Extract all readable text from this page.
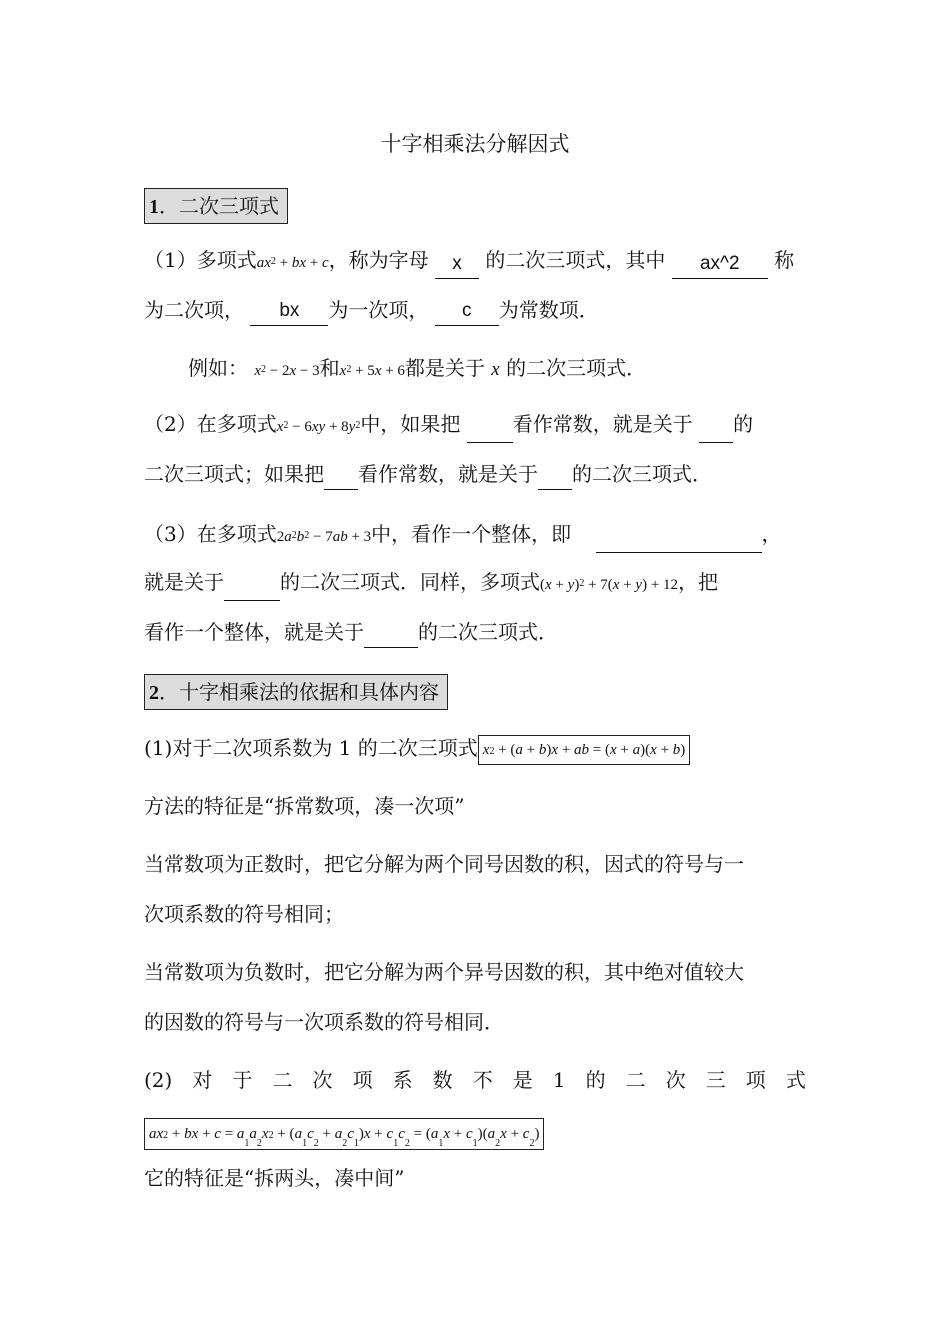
十字相乘法分解因式
1．二次三项式
（1）多项式$ax^2$ + bx + c，称为字母 x 的二次三项式，其中 ax^2 称
为二次项， bx 为一次项， c 为常数项．
例如： $x^2 - 2x - 3$和$x^2 + 5x + 6$都是关于 x 的二次三项式．
（2）在多项式$x^2 - 6xy + 8y^2$中，如果把	看作常数，就是关于 的
二次三项式；如果把 看作常数，就是关于 的二次三项式．
（3）在多项式$2a^2b^2 - 7ab + 3$中，看作一个整体，即	，
就是关于	的二次三项式．同样，多项式$(x + y)^2 + 7(x + y) + 12$，把
看作一个整体，就是关于	的二次三项式．
2．十字相乘法的依据和具体内容
(1)对于二次项系数为 1 的二次三项式 $x^2 + (a + b)x$ + ab = (x + a)(x + b)
方法的特征是“拆常数项，凑一次项”
当常数项为正数时，把它分解为两个同号因数的积，因式的符号与一
次项系数的符号相同；
当常数项为负数时，把它分解为两个异号因数的积，其中绝对值较大
的因数的符号与一次项系数的符号相同．
(2) 对 于 二 次 项 系 数 不 是 1 的 二 次 三 项 式
$ax^2$ + bx + $c = a_1a_2x^2 + (a_1c_2 + a_2c_1)x + c_1c_2 = (a_1x + c_1)(a_2x + c_2)$
它的特征是“拆两头，凑中间”
